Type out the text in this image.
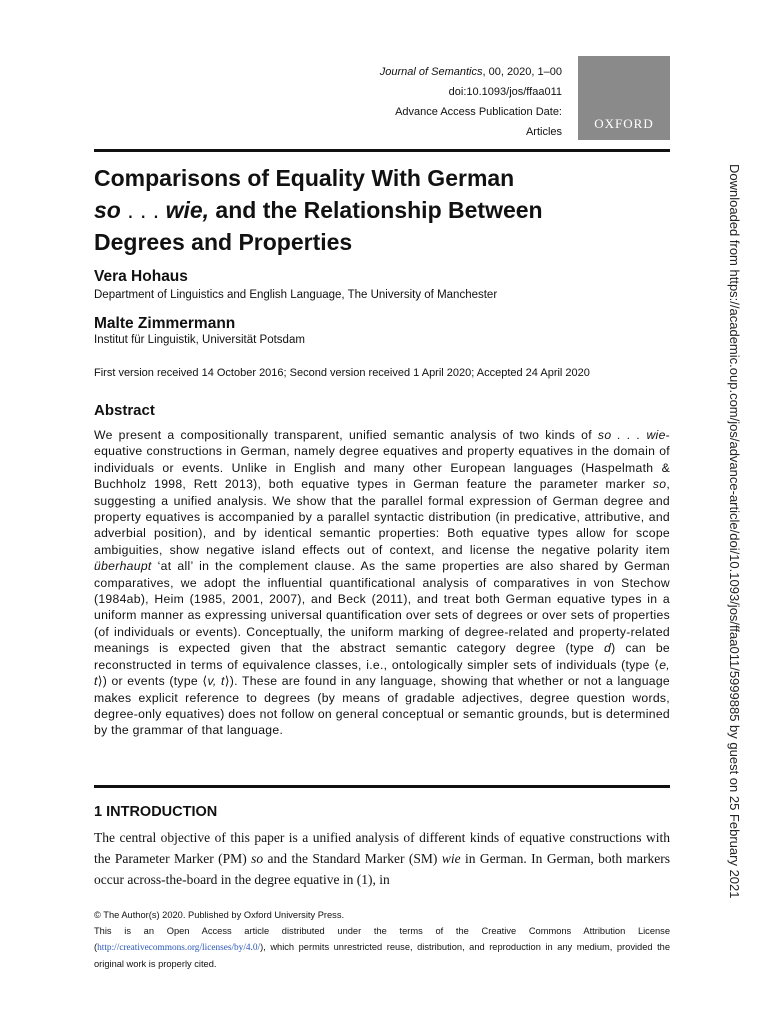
Journal of Semantics, 00, 2020, 1–00
doi:10.1093/jos/ffaa011
Advance Access Publication Date:
Articles
OXFORD
Comparisons of Equality With German
so . . . wie, and the Relationship Between
Degrees and Properties
Vera Hohaus
Department of Linguistics and English Language, The University of Manchester
Malte Zimmermann
Institut für Linguistik, Universität Potsdam
First version received 14 October 2016; Second version received 1 April 2020; Accepted 24 April 2020
Abstract

We present a compositionally transparent, unified semantic analysis of two kinds of so . . . wie-equative constructions in German, namely degree equatives and property equatives in the domain of individuals or events. Unlike in English and many other European languages (Haspelmath & Buchholz 1998, Rett 2013), both equative types in German feature the parameter marker so, suggesting a unified analysis. We show that the parallel formal expression of German degree and property equatives is accompanied by a parallel syntactic distribution (in predicative, attributive, and adverbial position), and by identical semantic properties: Both equative types allow for scope ambiguities, show negative island effects out of context, and license the negative polarity item überhaupt ‘at all’ in the complement clause. As the same properties are also shared by German comparatives, we adopt the influential quantificational analysis of comparatives in von Stechow (1984ab), Heim (1985, 2001, 2007), and Beck (2011), and treat both German equative types in a uniform manner as expressing universal quantification over sets of degrees or over sets of properties (of individuals or events). Conceptually, the uniform marking of degree-related and property-related meanings is expected given that the abstract semantic category degree (type d) can be reconstructed in terms of equivalence classes, i.e., ontologically simpler sets of individuals (type ⟨e, t⟩) or events (type ⟨v, t⟩). These are found in any language, showing that whether or not a language makes explicit reference to degrees (by means of gradable adjectives, degree question words, degree-only equatives) does not follow on general conceptual or semantic grounds, but is determined by the grammar of that language.

1 INTRODUCTION

The central objective of this paper is a unified analysis of different kinds of equative constructions with the Parameter Marker (PM) so and the Standard Marker (SM) wie in German. In German, both markers occur across-the-board in the degree equative in (1), in

© The Author(s) 2020. Published by Oxford University Press.

This is an Open Access article distributed under the terms of the Creative Commons Attribution License (http://creativecommons.org/licenses/by/4.0/), which permits unrestricted reuse, distribution, and reproduction in any medium, provided the original work is properly cited.

Downloaded from https://academic.oup.com/jos/advance-article/doi/10.1093/jos/ffaa011/5999885 by guest on 25 February 2021
